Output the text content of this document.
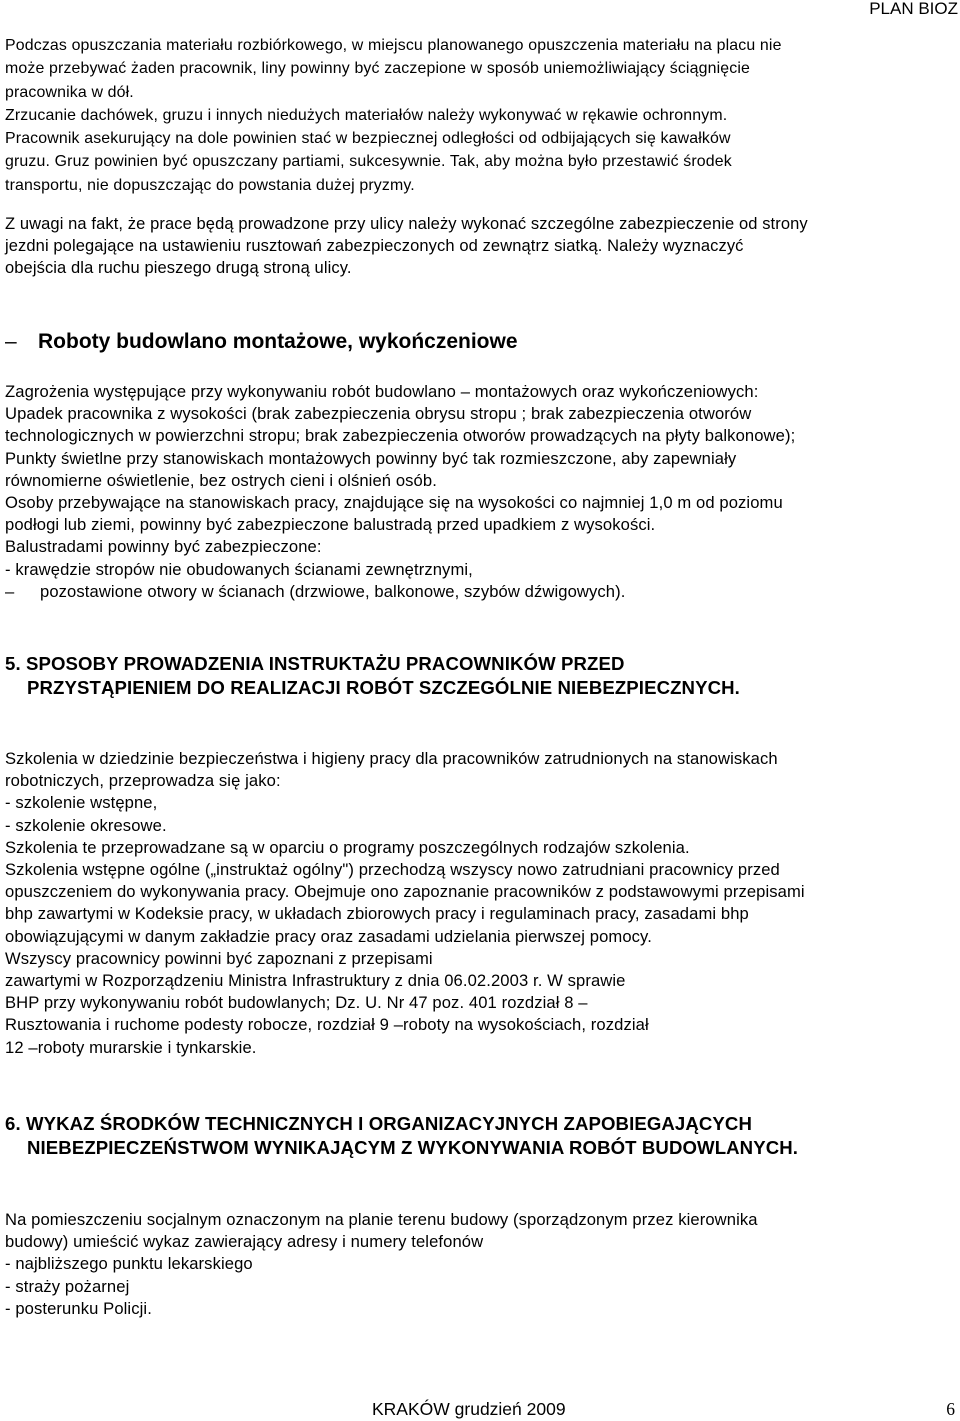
PLAN BIOZ
Podczas opuszczania materiału rozbiórkowego, w miejscu planowanego opuszczenia materiału na placu nie
może przebywać żaden pracownik, liny powinny być zaczepione w sposób uniemożliwiający ściągnięcie
pracownika w dół.
Zrzucanie dachówek, gruzu i innych niedużych materiałów należy wykonywać w rękawie ochronnym.
Pracownik asekurujący na dole powinien stać w bezpiecznej odległości od odbijających się kawałków
gruzu. Gruz powinien być opuszczany partiami, sukcesywnie. Tak, aby można było przestawić środek
transportu, nie dopuszczając do powstania dużej pryzmy.
Z uwagi na fakt, że prace będą prowadzone przy ulicy należy wykonać szczególne zabezpieczenie od strony
jezdni polegające na ustawieniu rusztowań zabezpieczonych od zewnątrz siatką. Należy wyznaczyć
obejścia dla ruchu pieszego drugą stroną ulicy.
– Roboty budowlano montażowe, wykończeniowe
Zagrożenia występujące przy wykonywaniu robót budowlano – montażowych oraz wykończeniowych:
Upadek pracownika z wysokości (brak zabezpieczenia obrysu stropu ; brak zabezpieczenia otworów
technologicznych w powierzchni stropu; brak zabezpieczenia otworów prowadzących na płyty balkonowe);
Punkty świetlne przy stanowiskach montażowych powinny być tak rozmieszczone, aby zapewniały
równomierne oświetlenie, bez ostrych cieni i olśnień osób.
Osoby przebywające na stanowiskach pracy, znajdujące się na wysokości co najmniej 1,0 m od poziomu
podłogi lub ziemi, powinny być zabezpieczone balustradą przed upadkiem z wysokości.
Balustradami powinny być zabezpieczone:
- krawędzie stropów nie obudowanych ścianami zewnętrznymi,
– pozostawione otwory w ścianach (drzwiowe, balkonowe, szybów dźwigowych).
5. SPOSOBY PROWADZENIA INSTRUKTAŻU PRACOWNIKÓW PRZED
PRZYSTĄPIENIEM DO REALIZACJI ROBÓT SZCZEGÓLNIE NIEBEZPIECZNYCH.
Szkolenia w dziedzinie bezpieczeństwa i higieny pracy dla pracowników zatrudnionych na stanowiskach
robotniczych, przeprowadza się jako:
- szkolenie wstępne,
- szkolenie okresowe.
Szkolenia te przeprowadzane są w oparciu o programy poszczególnych rodzajów szkolenia.
Szkolenia wstępne ogólne („instruktaż ogólny") przechodzą wszyscy nowo zatrudniani pracownicy przed
opuszczeniem do wykonywania pracy. Obejmuje ono zapoznanie pracowników z podstawowymi przepisami
bhp zawartymi w Kodeksie pracy, w układach zbiorowych pracy i regulaminach pracy, zasadami bhp
obowiązującymi w danym zakładzie pracy oraz zasadami udzielania pierwszej pomocy.
Wszyscy pracownicy powinni być zapoznani z przepisami
zawartymi w Rozporządzeniu Ministra Infrastruktury z dnia 06.02.2003 r. W sprawie
BHP przy wykonywaniu robót budowlanych; Dz. U. Nr 47 poz. 401 rozdział 8 –
Rusztowania i ruchome podesty robocze, rozdział 9 –roboty na wysokościach, rozdział
12 –roboty murarskie i tynkarskie.
6. WYKAZ ŚRODKÓW TECHNICZNYCH I ORGANIZACYJNYCH ZAPOBIEGAJĄCYCH
NIEBEZPIECZEŃSTWOM WYNIKAJĄCYM Z WYKONYWANIA ROBÓT BUDOWLANYCH.
Na pomieszczeniu socjalnym oznaczonym na planie terenu budowy (sporządzonym przez kierownika
budowy) umieścić wykaz zawierający adresy i numery telefonów
- najbliższego punktu lekarskiego
- straży pożarnej
- posterunku Policji.
KRAKÓW grudzień 2009	6
